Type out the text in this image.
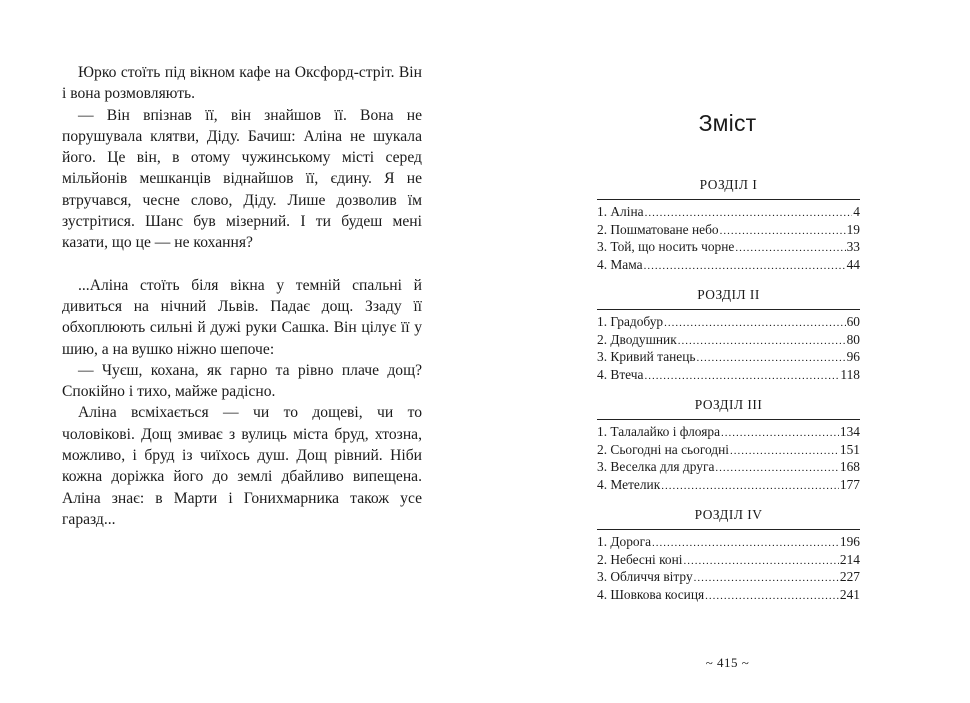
Юрко стоїть під вікном кафе на Оксфорд-стріт. Він і вона розмовляють.

— Він впізнав її, він знайшов її. Вона не порушувала клятви, Діду. Бачиш: Аліна не шукала його. Це він, в отому чужинському місті серед мільйонів мешканців віднайшов її, єдину. Я не втручався, чесне слово, Діду. Лише дозволив їм зустрітися. Шанс був мізерний. І ти будеш мені казати, що це — не кохання?

...Аліна стоїть біля вікна у темній спальні й дивиться на нічний Львів. Падає дощ. Ззаду її обхоплюють сильні й дужі руки Сашка. Він цілує її у шию, а на вушко ніжно шепоче:

— Чуєш, кохана, як гарно та рівно плаче дощ? Спокійно і тихо, майже радісно.

Аліна всміхається — чи то дощеві, чи то чоловікові. Дощ змиває з вулиць міста бруд, хтозна, можливо, і бруд із чиїхось душ. Дощ рівний. Ніби кожна доріжка його до землі дбайливо випещена. Аліна знає: в Марти і Гонихмарника також усе гаразд...

Зміст
РОЗДІЛ I
1. Аліна .....	4
2. Пошматоване небо .....	19
3. Той, що носить чорне .....	33
4. Мама .....	44
РОЗДІЛ II
1. Градобур .....	60
2. Дводушник .....	80
3. Кривий танець .....	96
4. Втеча .....	118
РОЗДІЛ III
1. Талалайко і флояра .....	134
2. Сьогодні на сьогодні .....	151
3. Веселка для друга .....	168
4. Метелик .....	177
РОЗДІЛ IV
1. Дорога .....	196
2. Небесні коні .....	214
3. Обличчя вітру .....	227
4. Шовкова косиця .....	241
~ 415 ~
